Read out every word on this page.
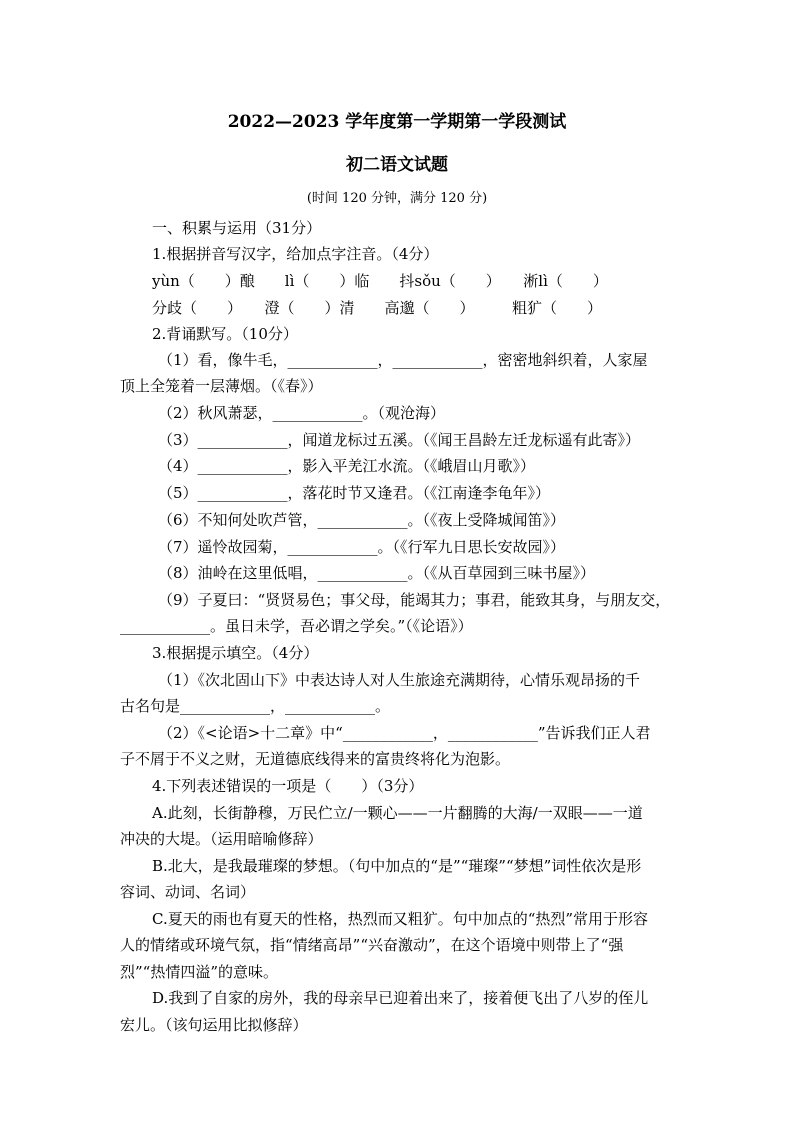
2022—2023 学年度第一学期第一学段测试
初二语文试题
(时间 120 分钟，满分 120 分)
一、积累与运用（31分）
1.根据拼音写汉字，给加点字注音。（4分）
yùn（　　）酿　　lì（　　）临　　抖sǒu（　　）　　淅lì（　　）
分歧（　　）　　澄（　　）清　　高邈（　　）　　　粗犷（　　）
2.背诵默写。（10分）
（1）看，像牛毛，____________，____________，密密地斜织着，人家屋
顶上全笼着一层薄烟。（《春》）
（2）秋风萧瑟，____________。（观沧海）
（3）____________，闻道龙标过五溪。（《闻王昌龄左迁龙标遥有此寄》）
（4）____________，影入平羌江水流。（《峨眉山月歌》）
（5）____________，落花时节又逢君。（《江南逢李龟年》）
（6）不知何处吹芦管，____________。（《夜上受降城闻笛》）
（7）遥怜故园菊，____________。（《行军九日思长安故园》）
（8）油岭在这里低唱，____________。（《从百草园到三味书屋》）
（9）子夏曰：“贤贤易色；事父母，能竭其力；事君，能致其身，与朋友交，
____________。虽日未学，吾必谓之学矣。”（《论语》）
3.根据提示填空。（4分）
（1）《次北固山下》中表达诗人对人生旅途充满期待，心情乐观昂扬的千
古名句是____________，____________。
（2）《<论语>十二章》中“____________，____________”告诉我们正人君
子不屑于不义之财，无道德底线得来的富贵终将化为泡影。
4.下列表述错误的一项是（　　）（3分）
A.此刻，长街静穆，万民伫立/一颗心——一片翻腾的大海/一双眼——一道
冲决的大堤。（运用暗喻修辞）
B.北大，是我最璀璨的梦想。（句中加点的“是”“璀璨”“梦想”词性依次是形
容词、动词、名词）
C.夏天的雨也有夏天的性格，热烈而又粗犷。句中加点的“热烈”常用于形容
人的情绪或环境气氛，指“情绪高昂”“兴奋激动”，在这个语境中则带上了“强
烈”“热情四溢”的意味。
D.我到了自家的房外，我的母亲早已迎着出来了，接着便飞出了八岁的侄儿
宏儿。（该句运用比拟修辞）
